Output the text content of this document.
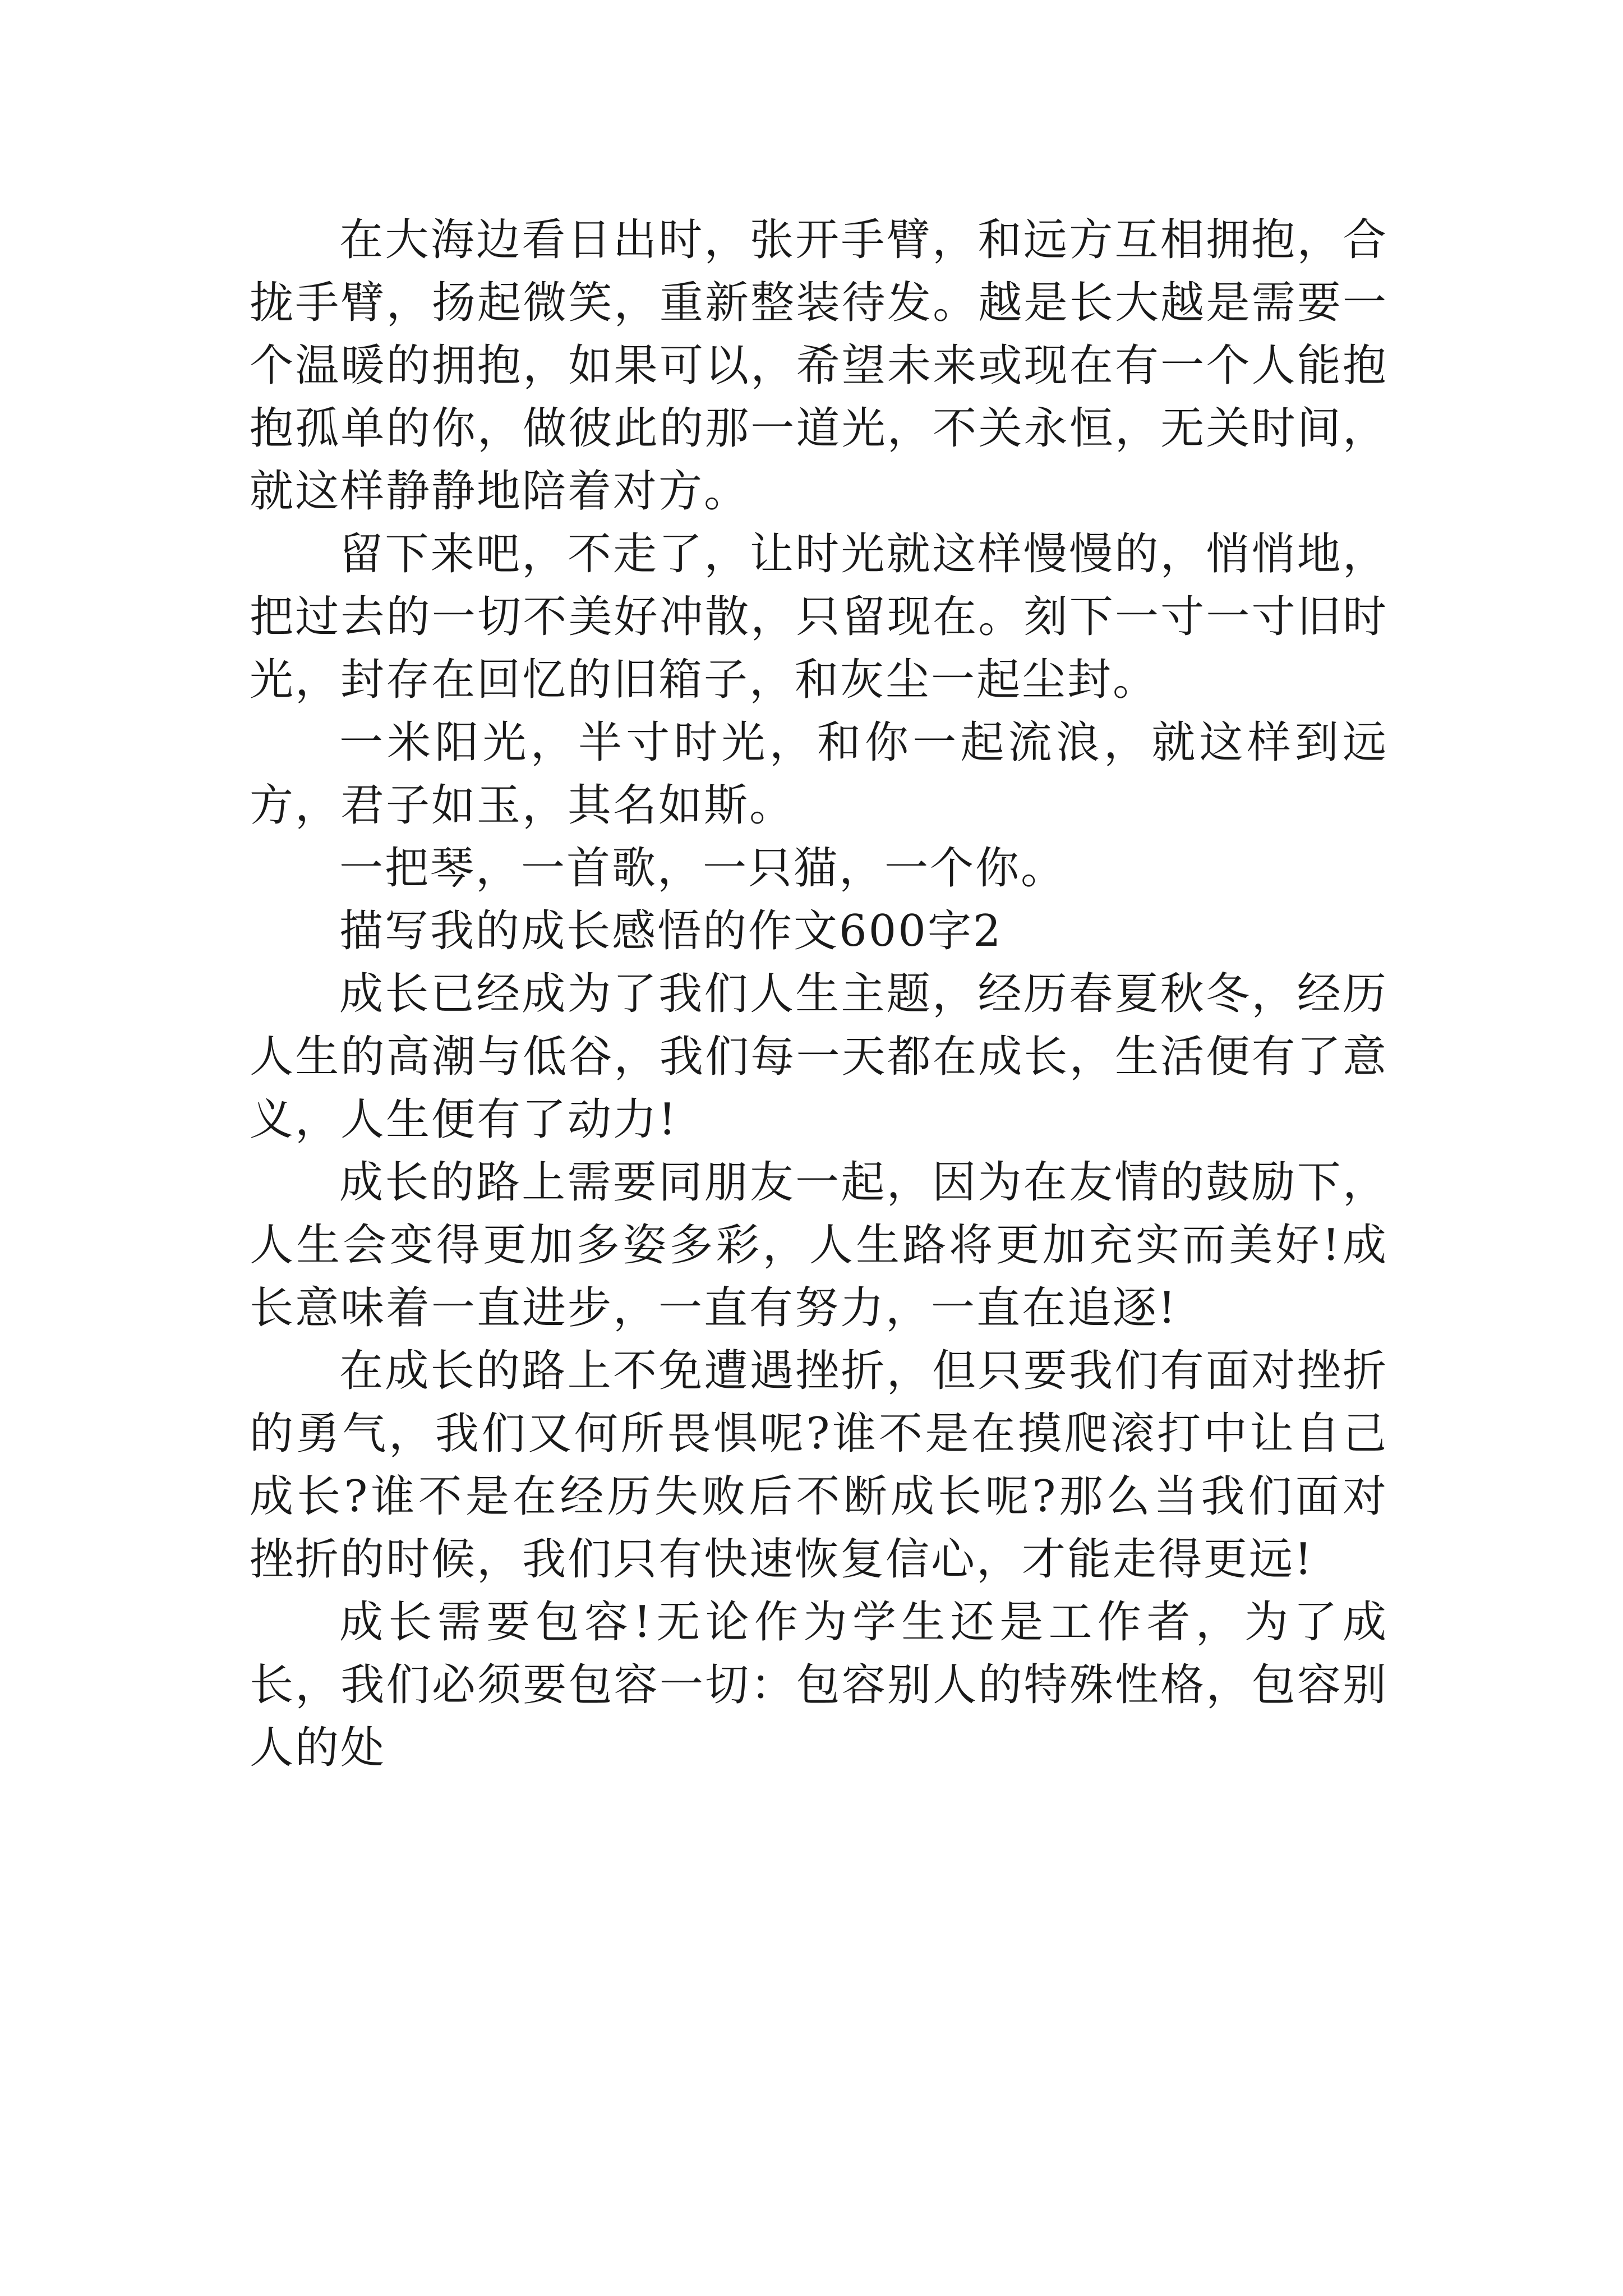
在大海边看日出时，张开手臂，和远方互相拥抱，合拢手臂，扬起微笑，重新整装待发。越是长大越是需要一个温暖的拥抱，如果可以，希望未来或现在有一个人能抱抱孤单的你，做彼此的那一道光，不关永恒，无关时间，就这样静静地陪着对方。

留下来吧，不走了，让时光就这样慢慢的，悄悄地，把过去的一切不美好冲散，只留现在。刻下一寸一寸旧时光，封存在回忆的旧箱子，和灰尘一起尘封。

一米阳光，半寸时光，和你一起流浪，就这样到远方，君子如玉，其名如斯。

一把琴，一首歌，一只猫，一个你。

描写我的成长感悟的作文600字2

成长已经成为了我们人生主题，经历春夏秋冬，经历人生的高潮与低谷，我们每一天都在成长，生活便有了意义，人生便有了动力!

成长的路上需要同朋友一起，因为在友情的鼓励下，人生会变得更加多姿多彩，人生路将更加充实而美好!成长意味着一直进步，一直有努力，一直在追逐!

在成长的路上不免遭遇挫折，但只要我们有面对挫折的勇气，我们又何所畏惧呢?谁不是在摸爬滚打中让自己成长?谁不是在经历失败后不断成长呢?那么当我们面对挫折的时候，我们只有快速恢复信心，才能走得更远!

成长需要包容!无论作为学生还是工作者，为了成长，我们必须要包容一切：包容别人的特殊性格，包容别人的处
